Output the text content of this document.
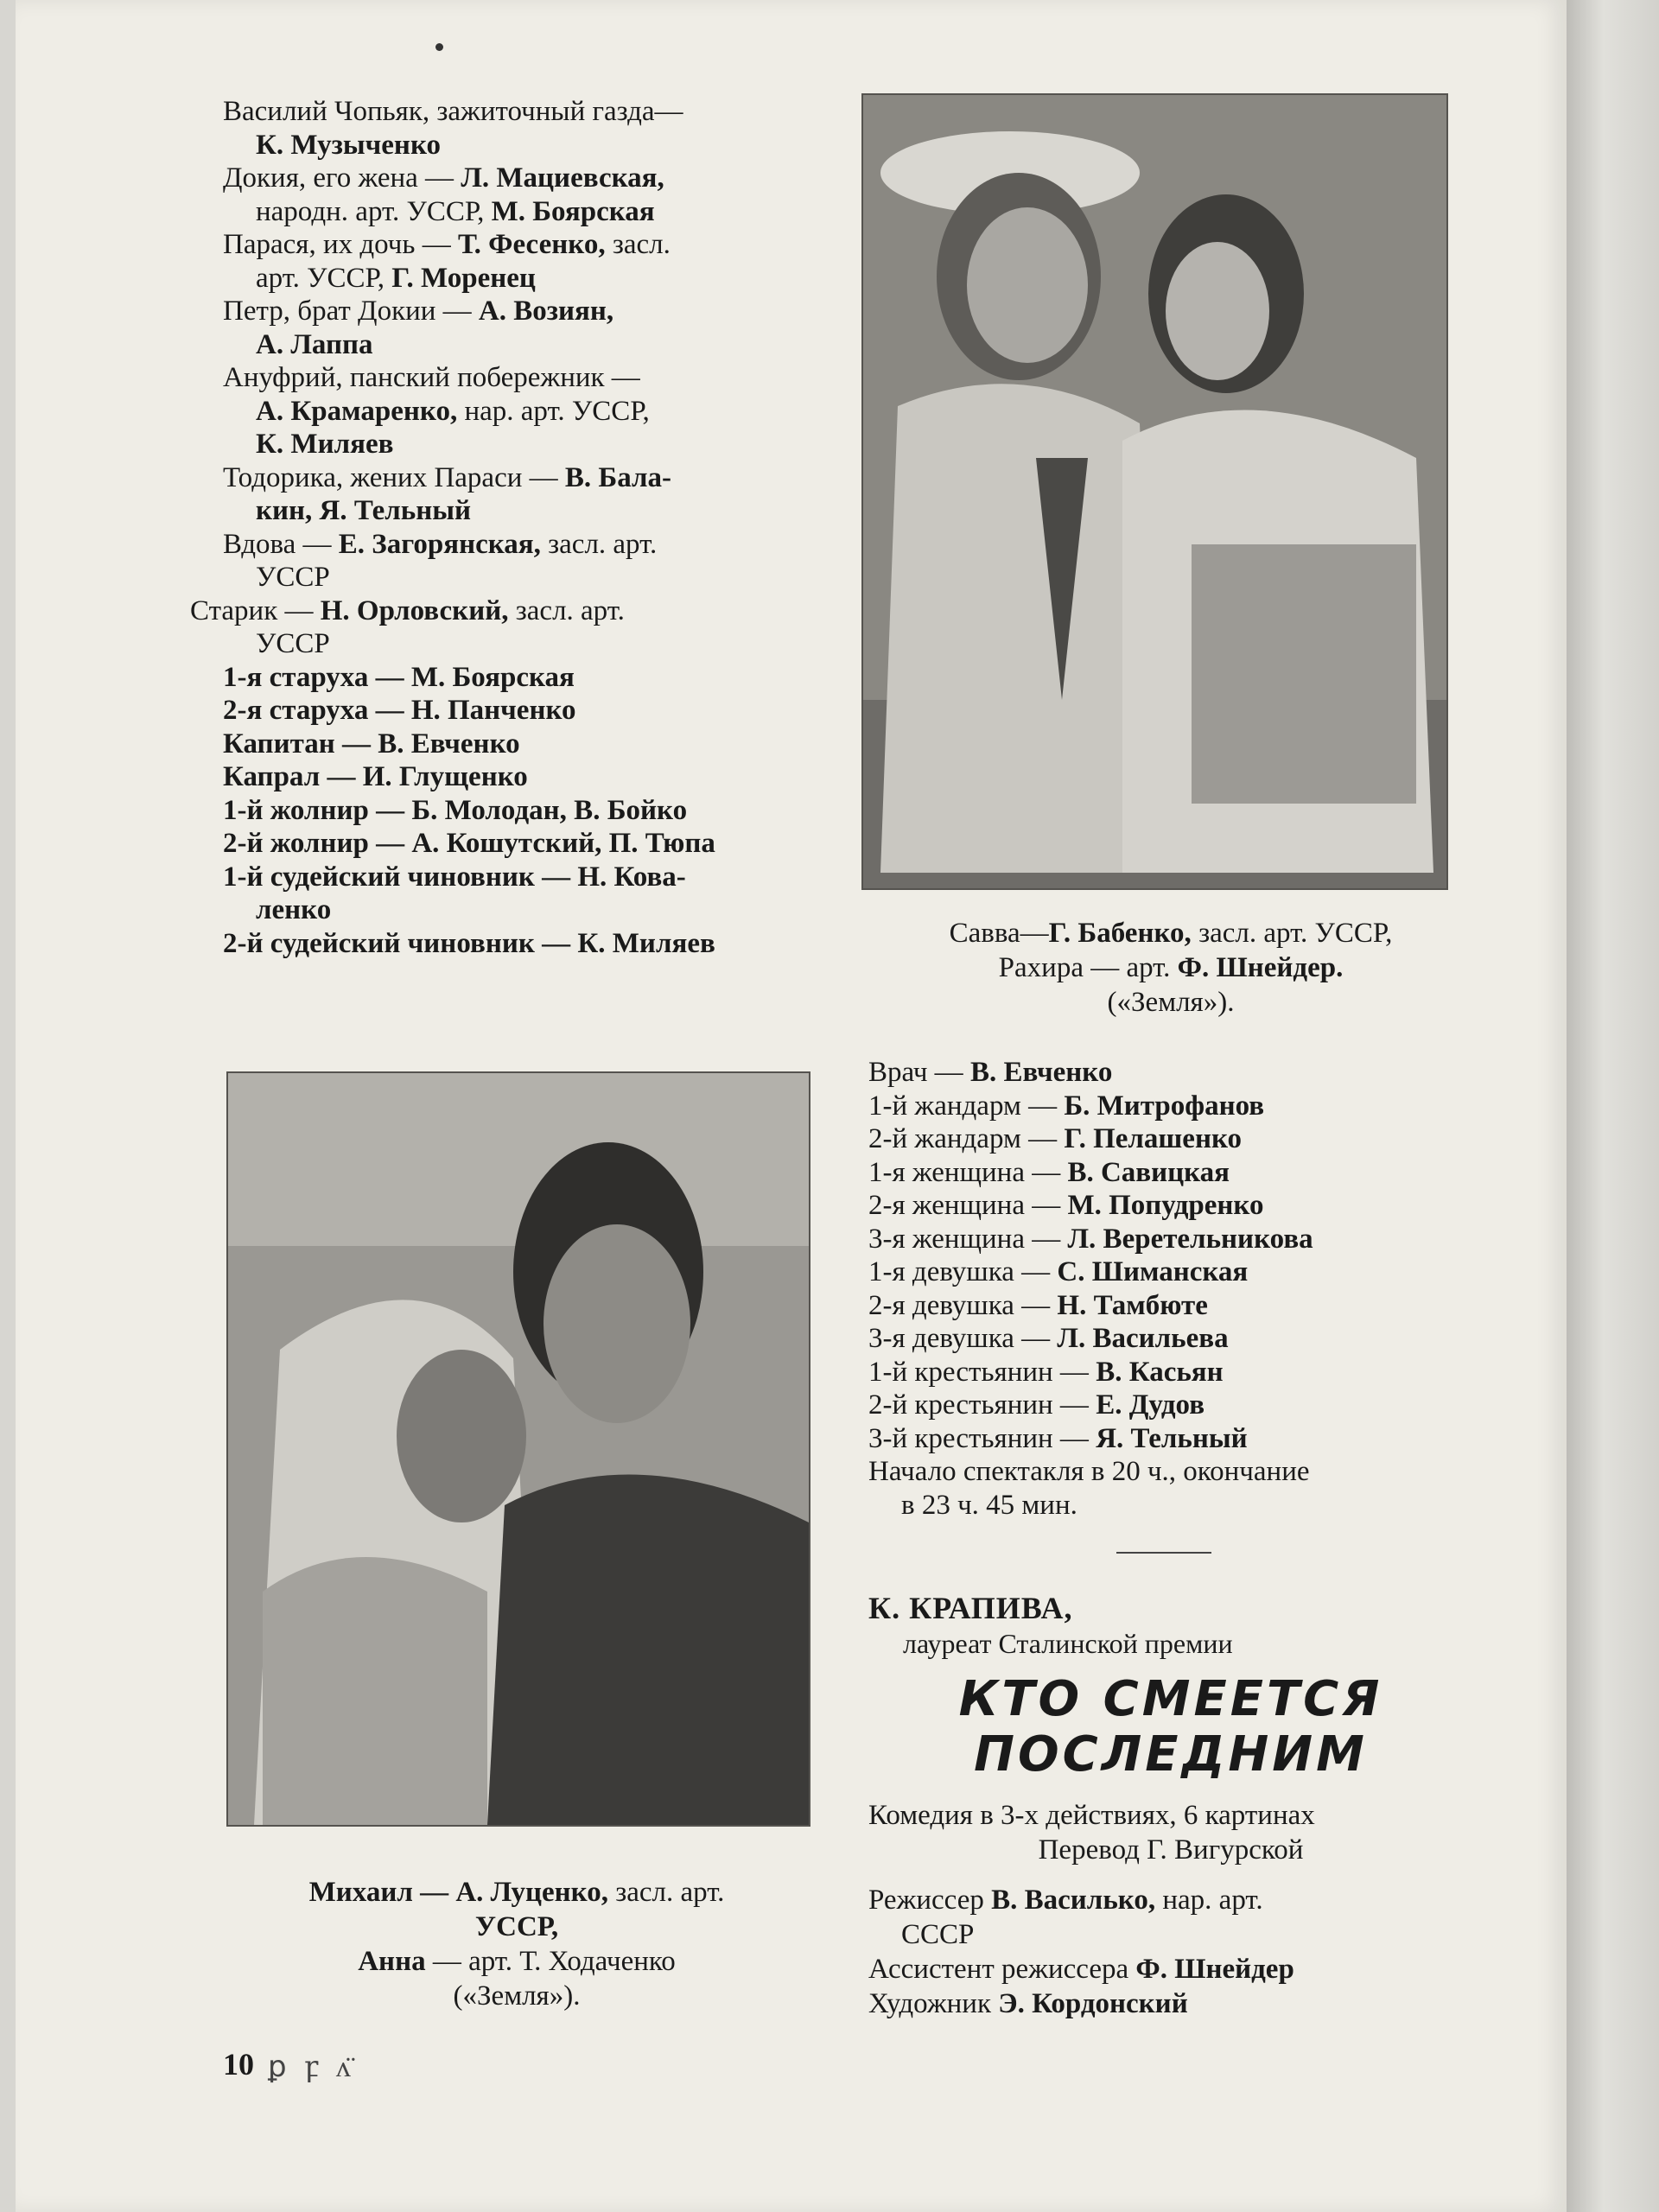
Василий Чопьяк, зажиточный газда—
К. Музыченко
Докия, его жена — Л. Мациевская,
народн. арт. УССР, М. Боярская
Парася, их дочь — Т. Фесенко, засл.
арт. УССР, Г. Моренец
Петр, брат Докии — А. Возиян,
А. Лаппа
Ануфрий, панский побережник —
А. Крамаренко, нар. арт. УССР,
К. Миляев
Тодорика, жених Параси — В. Бала-
кин, Я. Тельный
Вдова — Е. Загорянская, засл. арт.
УССР
Старик — Н. Орловский, засл. арт.
УССР
1-я старуха — М. Боярская
2-я старуха — Н. Панченко
Капитан — В. Евченко
Капрал — И. Глущенко
1-й жолнир — Б. Молодан, В. Бойко
2-й жолнир — А. Кошутский, П. Тюпа
1-й судейский чиновник — Н. Кова-
ленко
2-й судейский чиновник — К. Миляев	Савва—Г. Бабенко, засл. арт. УССР,
Рахира — арт. Ф. Шнейдер.
(«Земля»).
Врач — В. Евченко
1-й жандарм — Б. Митрофанов
2-й жандарм — Г. Пелашенко
1-я женщина — В. Савицкая
2-я женщина — М. Попудренко
3-я женщина — Л. Веретельникова
1-я девушка — С. Шиманская
2-я девушка — Н. Тамбюте
3-я девушка — Л. Васильева
1-й крестьянин — В. Касьян
2-й крестьянин — Е. Дудов
3-й крестьянин — Я. Тельный
Начало спектакля в 20 ч., окончание
в 23 ч. 45 мин.
Михаил — А. Луценко, засл. арт.
УССР,
Анна — арт. Т. Ходаченко
(«Земля»).
К. КРАПИВА,
лауреат Сталинской премии
КТО СМЕЕТСЯ
ПОСЛЕДНИМ
Комедия в 3-х действиях, 6 картинах
Перевод Г. Вигурской
Режиссер В. Василько, нар. арт.
СССР
Ассистент режиссера Ф. Шнейдер
Художник Э. Кордонский
10 ꝑ ꝼ ʌ̈
